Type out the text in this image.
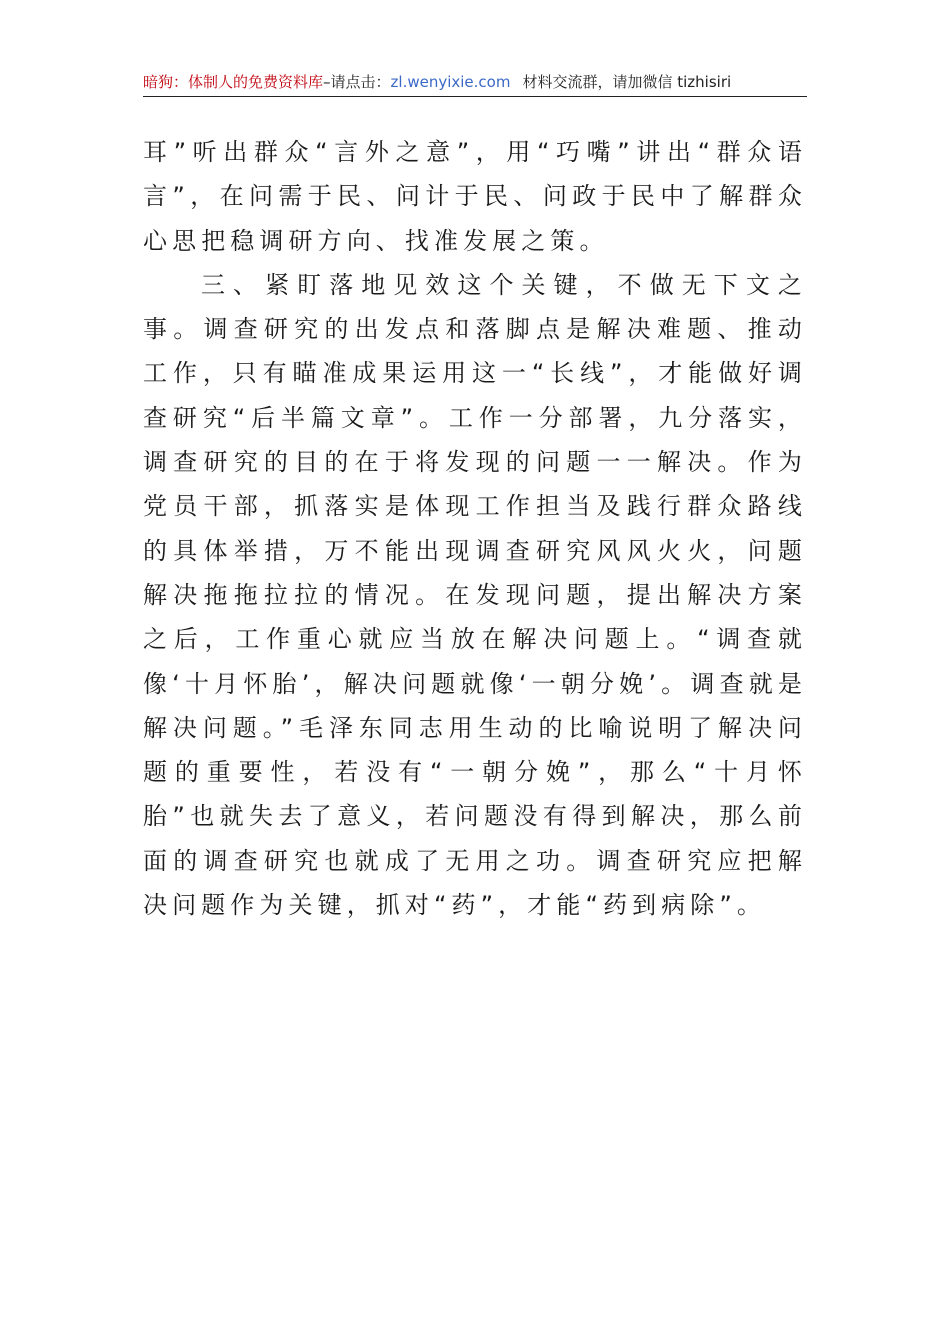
暗狗：体制人的免费资料库–请点击：zl.wenyixie.com 材料交流群，请加微信 tizhisiri

耳”听出群众“言外之意”，用“巧嘴”讲出“群众语言”，在问需于民、问计于民、问政于民中了解群众心思把稳调研方向、找准发展之策。

三、紧盯落地见效这个关键，不做无下文之事。调查研究的出发点和落脚点是解决难题、推动工作，只有瞄准成果运用这一“长线”，才能做好调查研究“后半篇文章”。工作一分部署，九分落实，调查研究的目的在于将发现的问题一一解决。作为党员干部，抓落实是体现工作担当及践行群众路线的具体举措，万不能出现调查研究风风火火，问题解决拖拖拉拉的情况。在发现问题，提出解决方案之后，工作重心就应当放在解决问题上。“调查就像‘十月怀胎’，解决问题就像‘一朝分娩’。调查就是解决问题。”毛泽东同志用生动的比喻说明了解决问题的重要性，若没有“一朝分娩”，那么“十月怀胎”也就失去了意义，若问题没有得到解决，那么前面的调查研究也就成了无用之功。调查研究应把解决问题作为关键，抓对“药”，才能“药到病除”。
